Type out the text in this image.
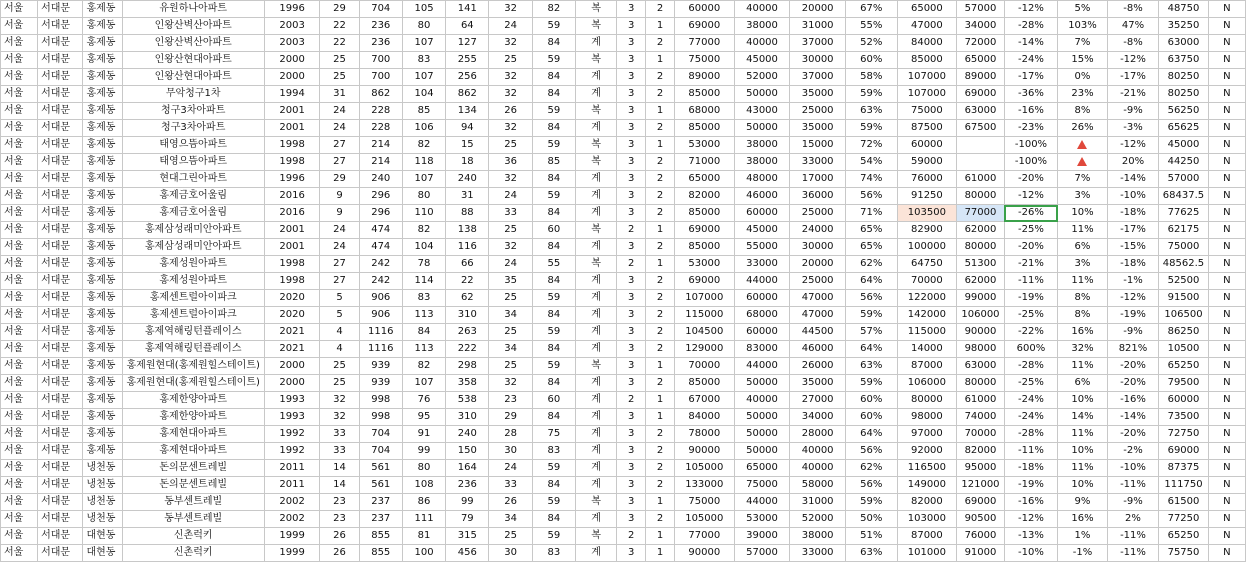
서울	서대문	홍제동	유원하나아파트	1996	29	704	105	141	32	82	복	3	2	60000	40000	20000	67%	65000	57000	-12%	5%	-8%	48750	N
서울	서대문	홍제동	인왕산벽산아파트	2003	22	236	80	64	24	59	복	3	1	69000	38000	31000	55%	47000	34000	-28%	103%	47%	35250	N
서울	서대문	홍제동	인왕산벽산아파트	2003	22	236	107	127	32	84	계	3	2	77000	40000	37000	52%	84000	72000	-14%	7%	-8%	63000	N
서울	서대문	홍제동	인왕산현대아파트	2000	25	700	83	255	25	59	복	3	1	75000	45000	30000	60%	85000	65000	-24%	15%	-12%	63750	N
서울	서대문	홍제동	인왕산현대아파트	2000	25	700	107	256	32	84	계	3	2	89000	52000	37000	58%	107000	89000	-17%	0%	-17%	80250	N
서울	서대문	홍제동	무악청구1차	1994	31	862	104	862	32	84	계	3	2	85000	50000	35000	59%	107000	69000	-36%	23%	-21%	80250	N
서울	서대문	홍제동	청구3차아파트	2001	24	228	85	134	26	59	복	3	1	68000	43000	25000	63%	75000	63000	-16%	8%	-9%	56250	N
서울	서대문	홍제동	청구3차아파트	2001	24	228	106	94	32	84	계	3	2	85000	50000	35000	59%	87500	67500	-23%	26%	-3%	65625	N
서울	서대문	홍제동	태영으뜸아파트	1998	27	214	82	15	25	59	복	3	1	53000	38000	15000	72%	60000		-100%		-12%	45000	N
서울	서대문	홍제동	태영으뜸아파트	1998	27	214	118	18	36	85	복	3	2	71000	38000	33000	54%	59000		-100%		20%	44250	N
서울	서대문	홍제동	현대그린아파트	1996	29	240	107	240	32	84	계	3	2	65000	48000	17000	74%	76000	61000	-20%	7%	-14%	57000	N
서울	서대문	홍제동	홍제금호어울림	2016	9	296	80	31	24	59	계	3	2	82000	46000	36000	56%	91250	80000	-12%	3%	-10%	68437.5	N
서울	서대문	홍제동	홍제금호어울림	2016	9	296	110	88	33	84	계	3	2	85000	60000	25000	71%	103500	77000	-26%	10%	-18%	77625	N
서울	서대문	홍제동	홍제삼성래미안아파트	2001	24	474	82	138	25	60	복	2	1	69000	45000	24000	65%	82900	62000	-25%	11%	-17%	62175	N
서울	서대문	홍제동	홍제삼성래미안아파트	2001	24	474	104	116	32	84	계	3	2	85000	55000	30000	65%	100000	80000	-20%	6%	-15%	75000	N
서울	서대문	홍제동	홍제성원아파트	1998	27	242	78	66	24	55	복	2	1	53000	33000	20000	62%	64750	51300	-21%	3%	-18%	48562.5	N
서울	서대문	홍제동	홍제성원아파트	1998	27	242	114	22	35	84	계	3	2	69000	44000	25000	64%	70000	62000	-11%	11%	-1%	52500	N
서울	서대문	홍제동	홍제센트럴아이파크	2020	5	906	83	62	25	59	계	3	2	107000	60000	47000	56%	122000	99000	-19%	8%	-12%	91500	N
서울	서대문	홍제동	홍제센트럴아이파크	2020	5	906	113	310	34	84	계	3	2	115000	68000	47000	59%	142000	106000	-25%	8%	-19%	106500	N
서울	서대문	홍제동	홍제역해링턴플레이스	2021	4	1116	84	263	25	59	계	3	2	104500	60000	44500	57%	115000	90000	-22%	16%	-9%	86250	N
서울	서대문	홍제동	홍제역해링턴플레이스	2021	4	1116	113	222	34	84	계	3	2	129000	83000	46000	64%	14000	98000	600%	32%	821%	10500	N
서울	서대문	홍제동	홍제원현대(홍제원힐스테이트)	2000	25	939	82	298	25	59	복	3	1	70000	44000	26000	63%	87000	63000	-28%	11%	-20%	65250	N
서울	서대문	홍제동	홍제원현대(홍제원힐스테이트)	2000	25	939	107	358	32	84	계	3	2	85000	50000	35000	59%	106000	80000	-25%	6%	-20%	79500	N
서울	서대문	홍제동	홍제한양아파트	1993	32	998	76	538	23	60	계	2	1	67000	40000	27000	60%	80000	61000	-24%	10%	-16%	60000	N
서울	서대문	홍제동	홍제한양아파트	1993	32	998	95	310	29	84	계	3	1	84000	50000	34000	60%	98000	74000	-24%	14%	-14%	73500	N
서울	서대문	홍제동	홍제현대아파트	1992	33	704	91	240	28	75	계	3	2	78000	50000	28000	64%	97000	70000	-28%	11%	-20%	72750	N
서울	서대문	홍제동	홍제현대아파트	1992	33	704	99	150	30	83	계	3	2	90000	50000	40000	56%	92000	82000	-11%	10%	-2%	69000	N
서울	서대문	냉천동	돈의문센트레빌	2011	14	561	80	164	24	59	계	3	2	105000	65000	40000	62%	116500	95000	-18%	11%	-10%	87375	N
서울	서대문	냉천동	돈의문센트레빌	2011	14	561	108	236	33	84	계	3	2	133000	75000	58000	56%	149000	121000	-19%	10%	-11%	111750	N
서울	서대문	냉천동	동부센트레빌	2002	23	237	86	99	26	59	복	3	1	75000	44000	31000	59%	82000	69000	-16%	9%	-9%	61500	N
서울	서대문	냉천동	동부센트레빌	2002	23	237	111	79	34	84	계	3	2	105000	53000	52000	50%	103000	90500	-12%	16%	2%	77250	N
서울	서대문	대현동	신촌럭키	1999	26	855	81	315	25	59	복	2	1	77000	39000	38000	51%	87000	76000	-13%	1%	-11%	65250	N
서울	서대문	대현동	신촌럭키	1999	26	855	100	456	30	83	계	3	1	90000	57000	33000	63%	101000	91000	-10%	-1%	-11%	75750	N
